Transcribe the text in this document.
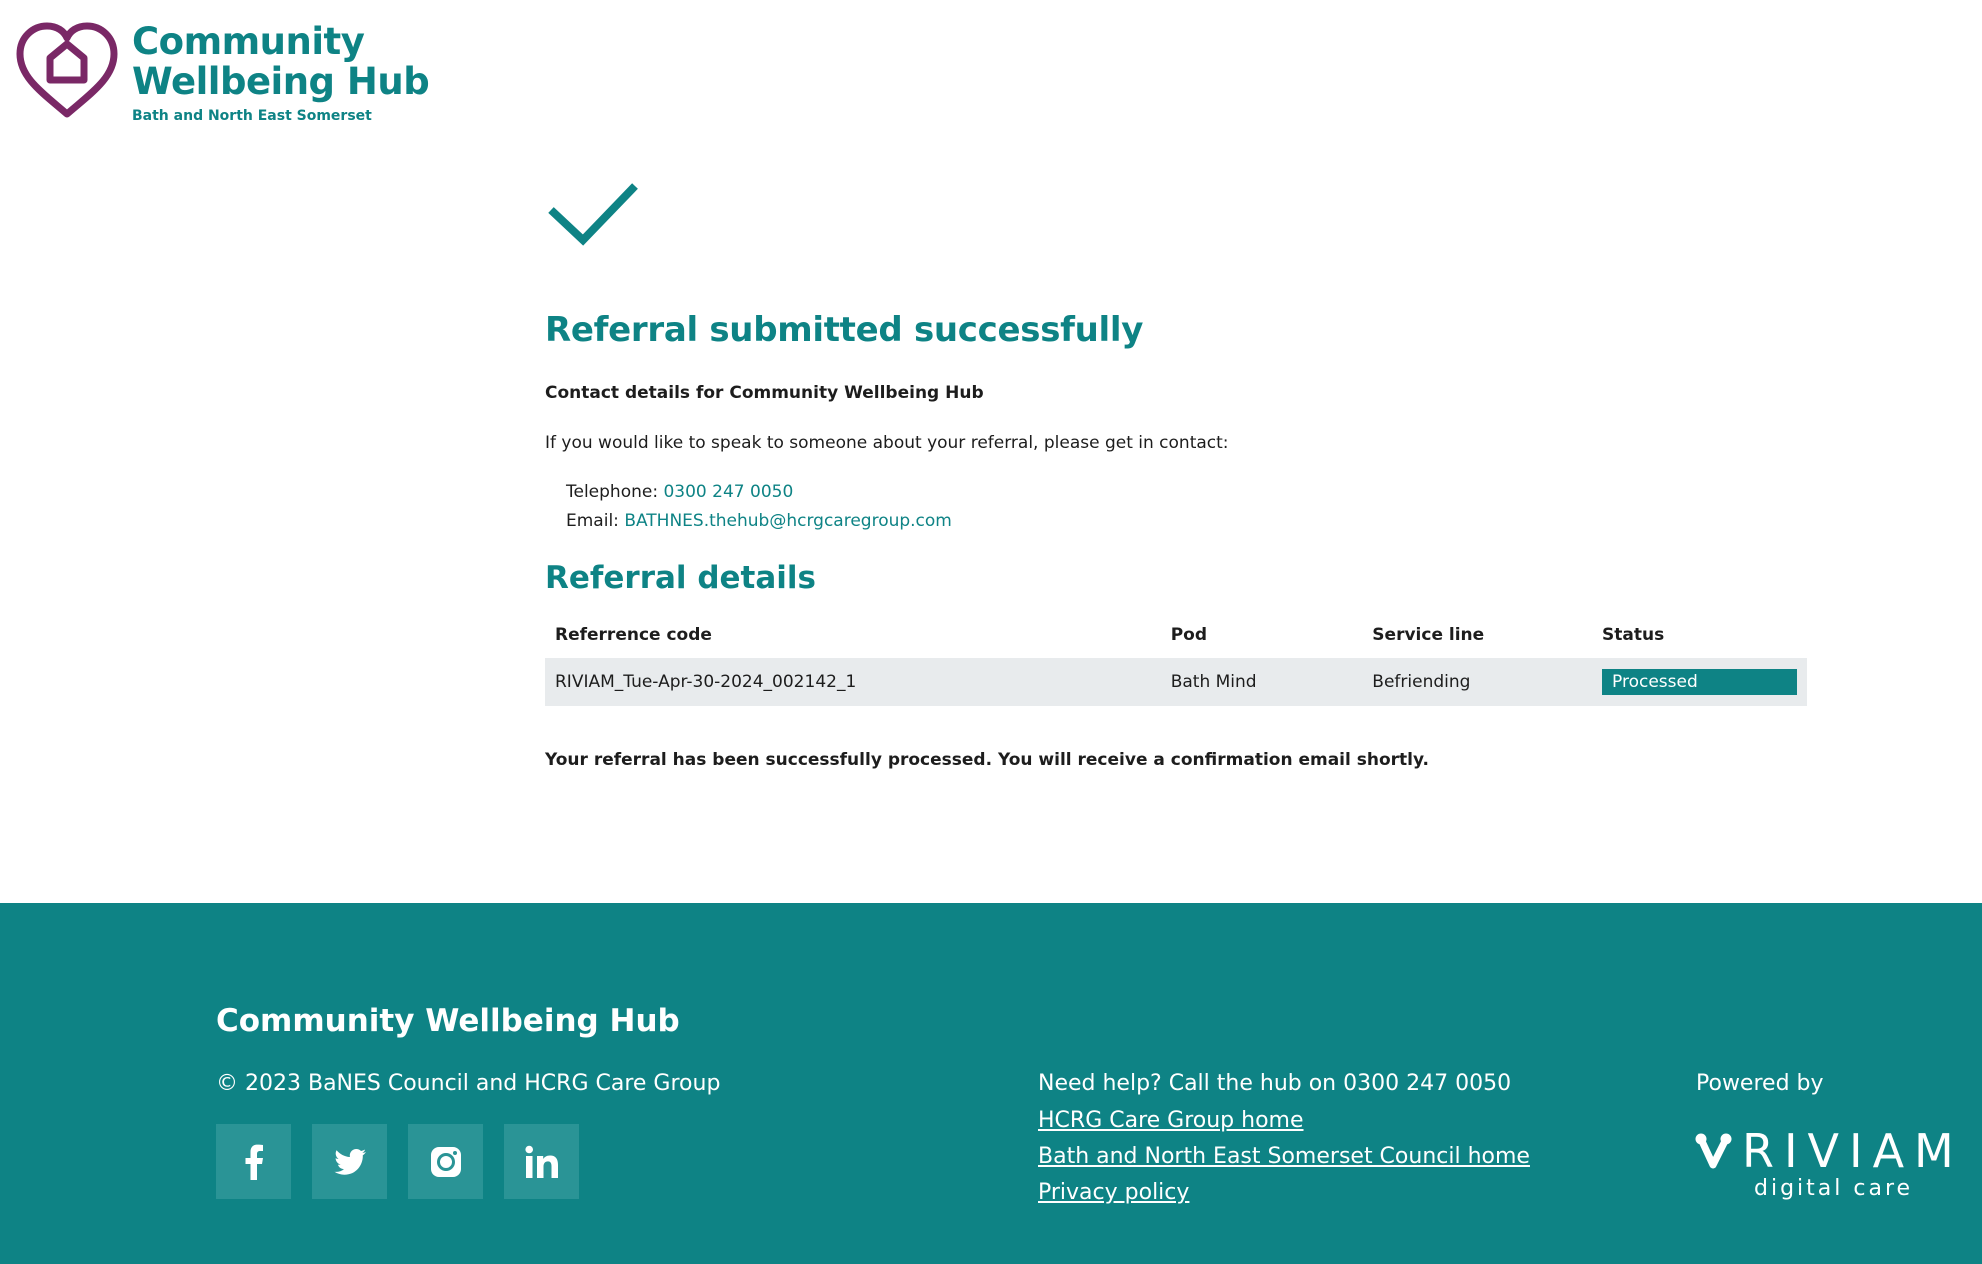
Community
Wellbeing Hub
Bath and North East Somerset
Referral submitted successfully
Contact details for Community Wellbeing Hub
If you would like to speak to someone about your referral, please get in contact:
Telephone: 0300 247 0050
Email: BATHNES.thehub@hcrgcaregroup.com
Referral details
Referrence code	Pod	Service line	Status
RIVIAM_Tue-Apr-30-2024_002142_1	Bath Mind	Befriending	Processed
Your referral has been successfully processed. You will receive a confirmation email shortly.
Community Wellbeing Hub
© 2023 BaNES Council and HCRG Care Group	Need help? Call the hub on 0300 247 0050
HCRG Care Group home
Bath and North East Somerset Council home
Privacy policy
Powered by
RIVIAM
digital care
